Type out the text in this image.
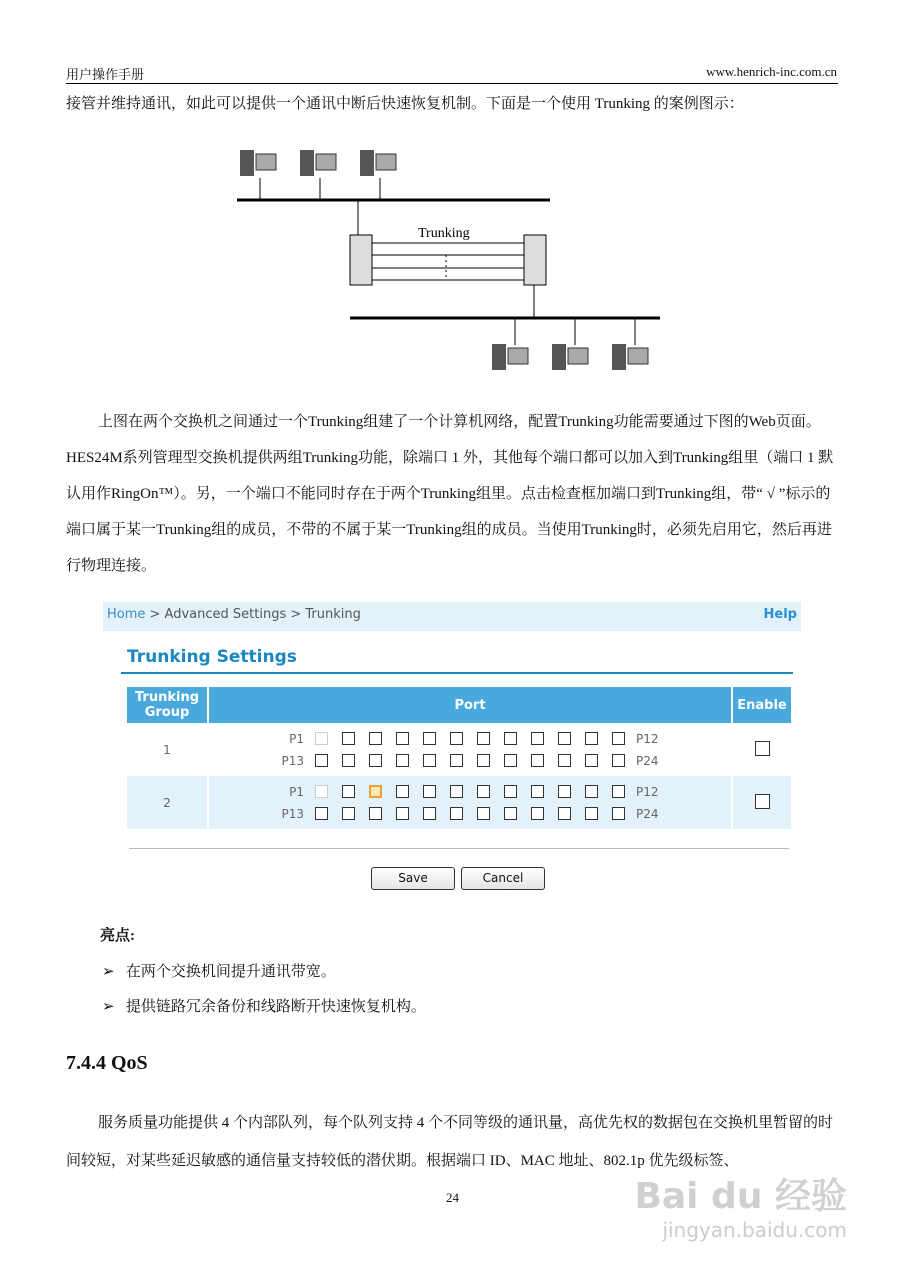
用户操作手册	www.henrich-inc.com.cn
接管并维持通讯，如此可以提供一个通讯中断后快速恢复机制。下面是一个使用 Trunking 的案例图示：
Trunking
上图在两个交换机之间通过一个Trunking组建了一个计算机网络，配置Trunking功能需要通过下图的Web页面。HES24M系列管理型交换机提供两组Trunking功能，除端口 1 外，其他每个端口都可以加入到Trunking组里（端口 1 默认用作RingOn™）。另，一个端口不能同时存在于两个Trunking组里。点击检查框加端口到Trunking组，带“ √ ”标示的端口属于某一Trunking组的成员，不带的不属于某一Trunking组的成员。当使用Trunking时，必须先启用它，然后再进行物理连接。
Home > Advanced Settings > Trunking	Help
Trunking Settings
Trunking Group	Port	Enable
1	P1 P12
P13 P24	

2	P1 P12
P13 P24	

Save	Cancel
亮点:
➢ 在两个交换机间提升通讯带宽。
➢ 提供链路冗余备份和线路断开快速恢复机构。
7.4.4 QoS
服务质量功能提供 4 个内部队列，每个队列支持 4 个不同等级的通讯量，高优先权的数据包在交换机里暂留的时间较短，对某些延迟敏感的通信量支持较低的潜伏期。根据端口 ID、MAC 地址、802.1p 优先级标签、
24	Bai du 经验
jingyan.baidu.com
